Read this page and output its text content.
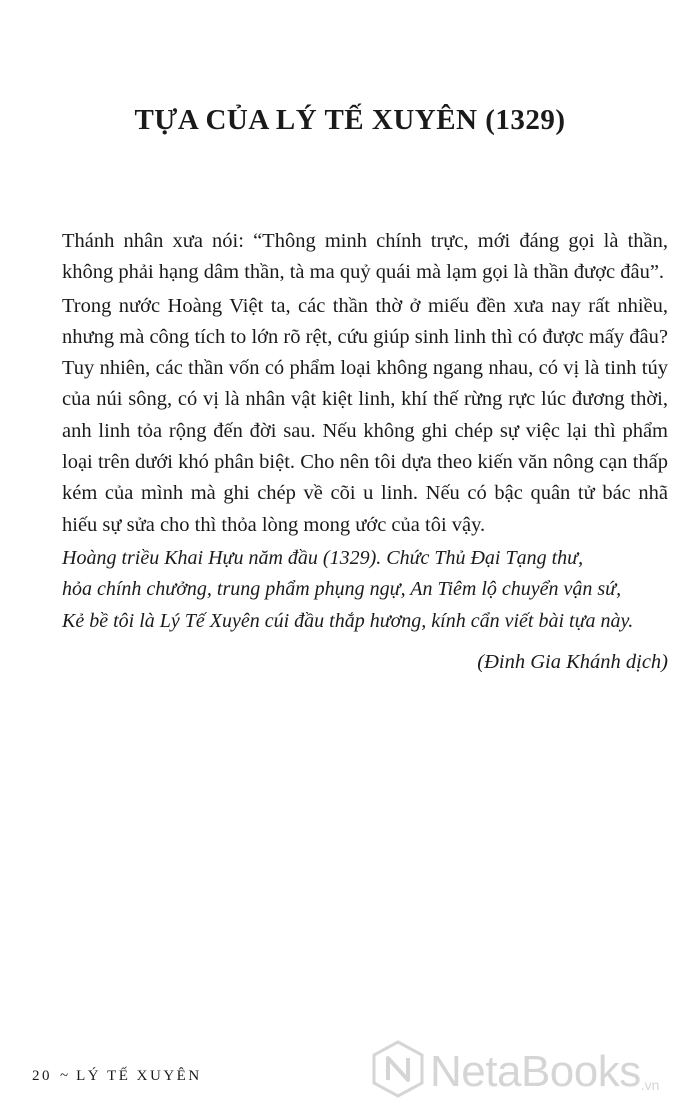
TỰA CỦA LÝ TẾ XUYÊN (1329)

Thánh nhân xưa nói: “Thông minh chính trực, mới đáng gọi là thần, không phải hạng dâm thần, tà ma quỷ quái mà lạm gọi là thần được đâu”.

Trong nước Hoàng Việt ta, các thần thờ ở miếu đền xưa nay rất nhiều, nhưng mà công tích to lớn rõ rệt, cứu giúp sinh linh thì có được mấy đâu? Tuy nhiên, các thần vốn có phẩm loại không ngang nhau, có vị là tinh túy của núi sông, có vị là nhân vật kiệt linh, khí thế rừng rực lúc đương thời, anh linh tỏa rộng đến đời sau. Nếu không ghi chép sự việc lại thì phẩm loại trên dưới khó phân biệt. Cho nên tôi dựa theo kiến văn nông cạn thấp kém của mình mà ghi chép về cõi u linh. Nếu có bậc quân tử bác nhã hiếu sự sửa cho thì thỏa lòng mong ước của tôi vậy.

Hoàng triều Khai Hựu năm đầu (1329). Chức Thủ Đại Tạng thư,

hỏa chính chưởng, trung phẩm phụng ngự, An Tiêm lộ chuyển vận sứ,

Kẻ bề tôi là Lý Tế Xuyên cúi đầu thắp hương, kính cẩn viết bài tựa này.

(Đinh Gia Khánh dịch)

20 ~ LÝ TẾ XUYÊN	NetaBooks .vn
